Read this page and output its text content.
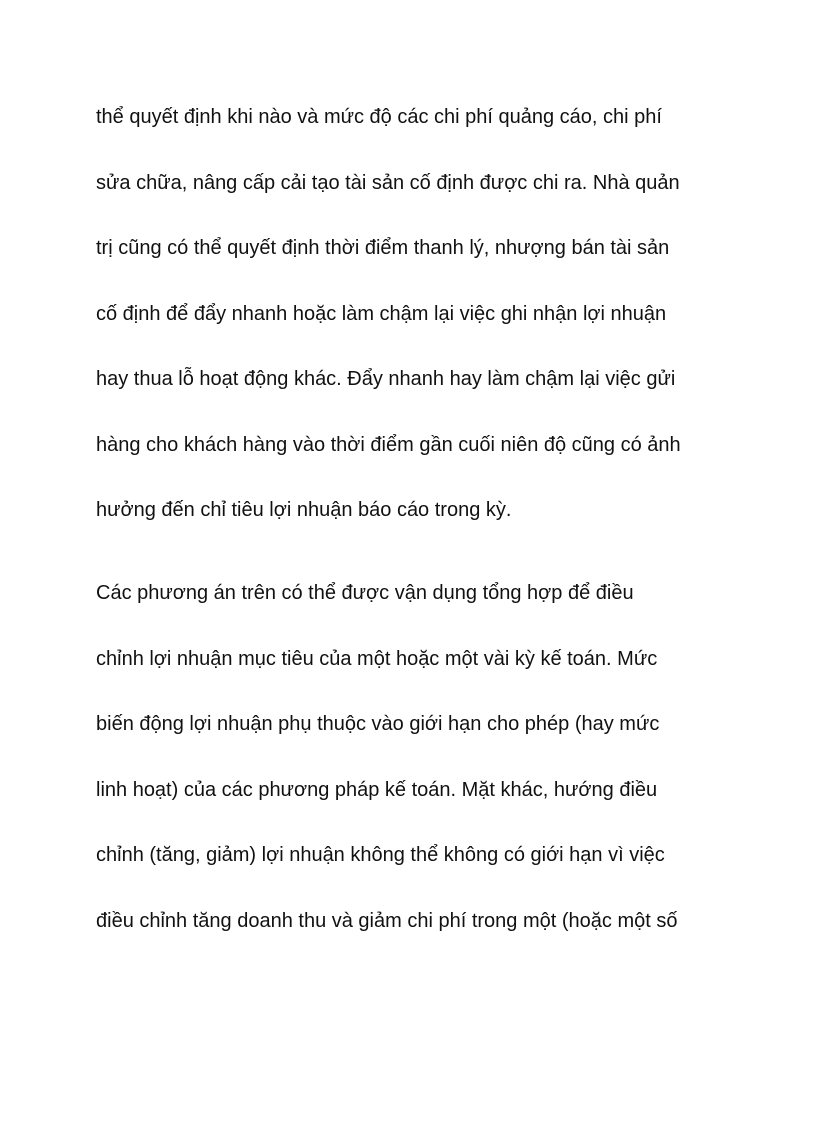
thể quyết định khi nào và mức độ các chi phí quảng cáo, chi phí
sửa chữa, nâng cấp cải tạo tài sản cố định được chi ra. Nhà quản
trị cũng có thể quyết định thời điểm thanh lý, nhượng bán tài sản
cố định để đẩy nhanh hoặc làm chậm lại việc ghi nhận lợi nhuận
hay thua lỗ hoạt động khác. Đẩy nhanh hay làm chậm lại việc gửi
hàng cho khách hàng vào thời điểm gần cuối niên độ cũng có ảnh
hưởng đến chỉ tiêu lợi nhuận báo cáo trong kỳ.
Các phương án trên có thể được vận dụng tổng hợp để điều
chỉnh lợi nhuận mục tiêu của một hoặc một vài kỳ kế toán. Mức
biến động lợi nhuận phụ thuộc vào giới hạn cho phép (hay mức
linh hoạt) của các phương pháp kế toán. Mặt khác, hướng điều
chỉnh (tăng, giảm) lợi nhuận không thể không có giới hạn vì việc
điều chỉnh tăng doanh thu và giảm chi phí trong một (hoặc một số
